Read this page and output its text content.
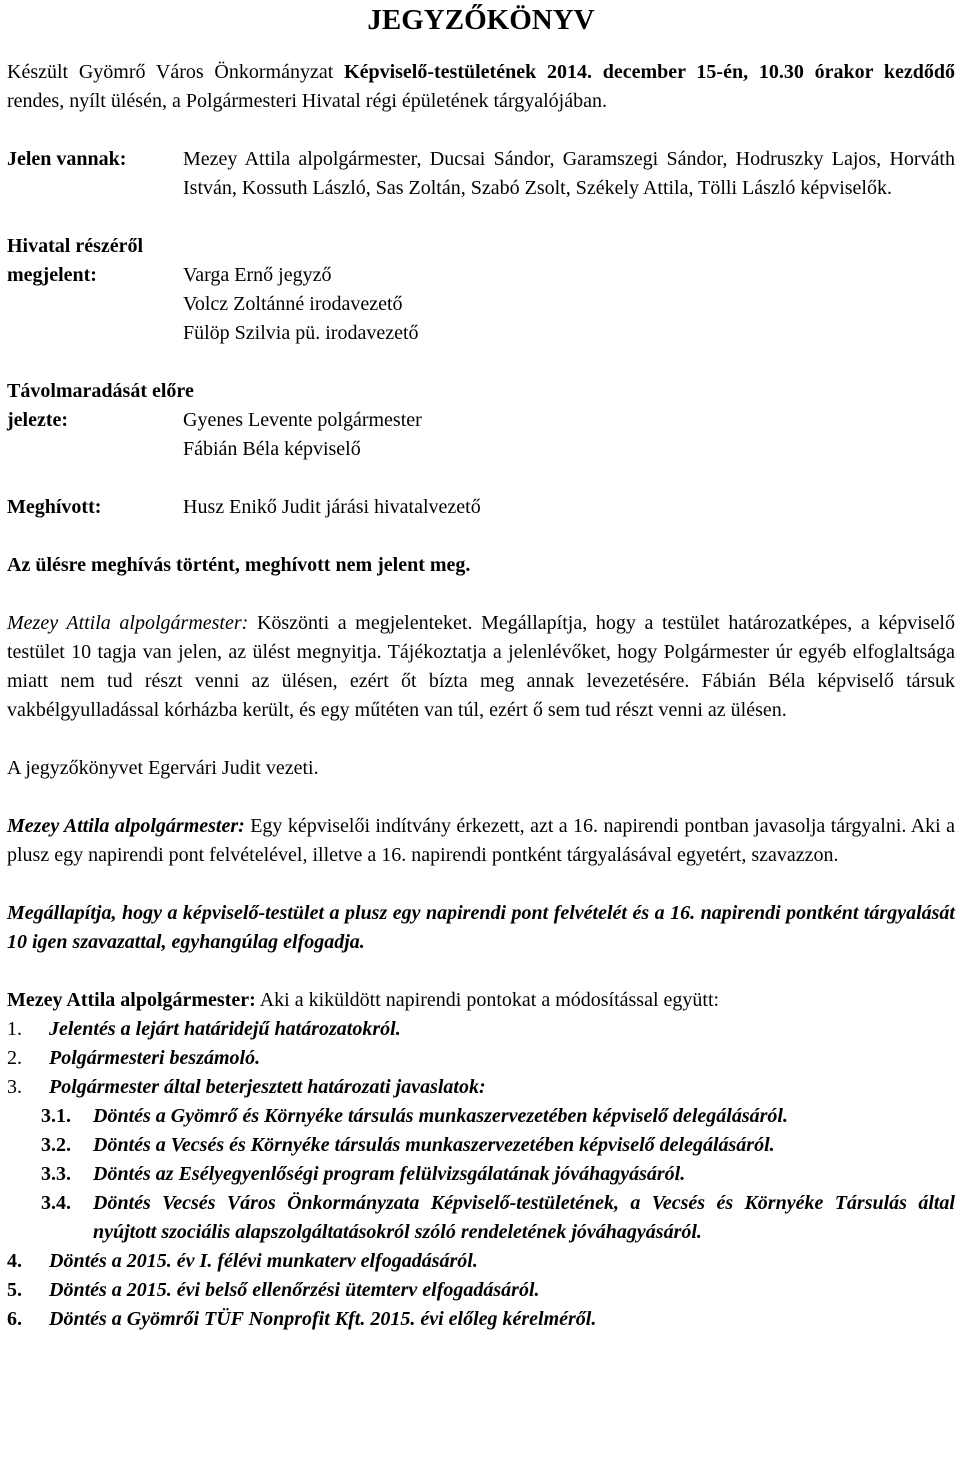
JEGYZŐKÖNYV

Készült Gyömrő Város Önkormányzat Képviselő-testületének 2014. december 15-én, 10.30 órakor kezdődő rendes, nyílt ülésén, a Polgármesteri Hivatal régi épületének tárgyalójában.

Jelen vannak:	Mezey Attila alpolgármester, Ducsai Sándor, Garamszegi Sándor, Hodruszky Lajos, Horváth István, Kossuth László, Sas Zoltán, Szabó Zsolt, Székely Attila, Tölli László képviselők.
Hivatal részéről
megjelent:	Varga Ernő jegyző
Volcz Zoltánné irodavezető
Fülöp Szilvia pü. irodavezető
Távolmaradását előre
jelezte:	Gyenes Levente polgármester
Fábián Béla képviselő
Meghívott:	Husz Enikő Judit járási hivatalvezető

Az ülésre meghívás történt, meghívott nem jelent meg.

Mezey Attila alpolgármester: Köszönti a megjelenteket. Megállapítja, hogy a testület határozatképes, a képviselő testület 10 tagja van jelen, az ülést megnyitja. Tájékoztatja a jelenlévőket, hogy Polgármester úr egyéb elfoglaltsága miatt nem tud részt venni az ülésen, ezért őt bízta meg annak levezetésére. Fábián Béla képviselő társuk vakbélgyulladással kórházba került, és egy műtéten van túl, ezért ő sem tud részt venni az ülésen.

A jegyzőkönyvet Egervári Judit vezeti.

Mezey Attila alpolgármester: Egy képviselői indítvány érkezett, azt a 16. napirendi pontban javasolja tárgyalni. Aki a plusz egy napirendi pont felvételével, illetve a 16. napirendi pontként tárgyalásával egyetért, szavazzon.

Megállapítja, hogy a képviselő-testület a plusz egy napirendi pont felvételét és a 16. napirendi pontként tárgyalását 10 igen szavazattal, egyhangúlag elfogadja.

Mezey Attila alpolgármester: Aki a kiküldött napirendi pontokat a módosítással együtt:

1.	Jelentés a lejárt határidejű határozatokról.
2.	Polgármesteri beszámoló.
3.	Polgármester által beterjesztett határozati javaslatok:
3.1.	Döntés a Gyömrő és Környéke társulás munkaszervezetében képviselő delegálásáról.
3.2.	Döntés a Vecsés és Környéke társulás munkaszervezetében képviselő delegálásáról.
3.3.	Döntés az Esélyegyenlőségi program felülvizsgálatának jóváhagyásáról.
3.4.	Döntés Vecsés Város Önkormányzata Képviselő-testületének, a Vecsés és Környéke Társulás által nyújtott szociális alapszolgáltatásokról szóló rendeletének jóváhagyásáról.
4.	Döntés a 2015. év I. félévi munkaterv elfogadásáról.
5.	Döntés a 2015. évi belső ellenőrzési ütemterv elfogadásáról.
6.	Döntés a Gyömrői TÜF Nonprofit Kft. 2015. évi előleg kérelméről.
